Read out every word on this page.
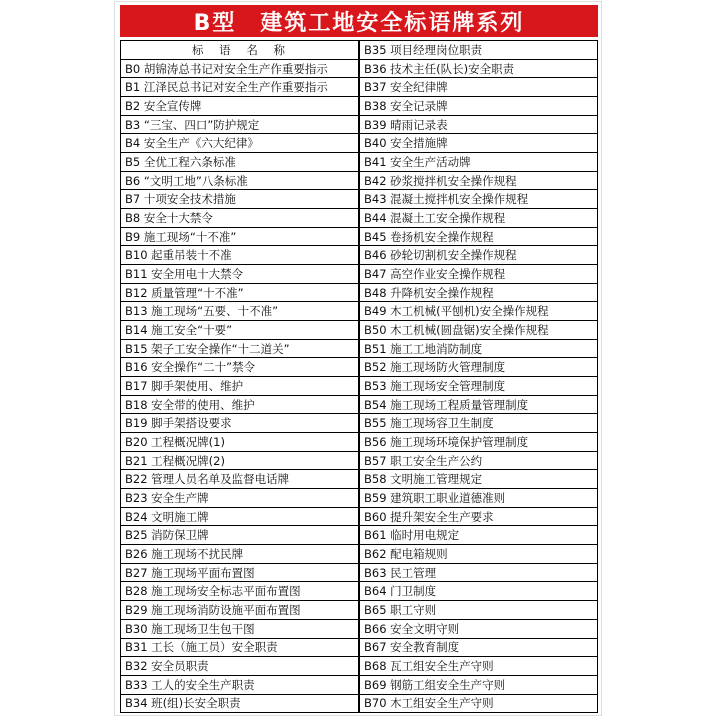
B型　建筑工地安全标语牌系列
标 语 名 称
B0 胡锦涛总书记对安全生产作重要指示
B1 江泽民总书记对安全生产作重要指示
B2 安全宣传牌
B3 “三宝、四口”防护规定
B4 安全生产《六大纪律》
B5 全优工程六条标准
B6 “文明工地”八条标准
B7 十项安全技术措施
B8 安全十大禁令
B9 施工现场“十不准”
B10 起重吊装十不准
B11 安全用电十大禁令
B12 质量管理“十不准”
B13 施工现场“五要、十不准”
B14 施工安全“十要”
B15 架子工安全操作“十二道关”
B16 安全操作“二十”禁令
B17 脚手架使用、维护
B18 安全带的使用、维护
B19 脚手架搭设要求
B20 工程概况牌(1)
B21 工程概况牌(2)
B22 管理人员名单及监督电话牌
B23 安全生产牌
B24 文明施工牌
B25 消防保卫牌
B26 施工现场不扰民牌
B27 施工现场平面布置图
B28 施工现场安全标志平面布置图
B29 施工现场消防设施平面布置图
B30 施工现场卫生包干图
B31 工长（施工员）安全职责
B32 安全员职责
B33 工人的安全生产职责
B34 班(组)长安全职责
B35 项目经理岗位职责
B36 技术主任(队长)安全职责
B37 安全纪律牌
B38 安全记录牌
B39 晴雨记录表
B40 安全措施牌
B41 安全生产活动牌
B42 砂浆搅拌机安全操作规程
B43 混凝土搅拌机安全操作规程
B44 混凝土工安全操作规程
B45 卷扬机安全操作规程
B46 砂轮切割机安全操作规程
B47 高空作业安全操作规程
B48 升降机安全操作规程
B49 木工机械(平刨机)安全操作规程
B50 木工机械(圆盘锯)安全操作规程
B51 施工工地消防制度
B52 施工现场防火管理制度
B53 施工现场安全管理制度
B54 施工现场工程质量管理制度
B55 施工现场容卫生制度
B56 施工现场环境保护管理制度
B57 职工安全生产公约
B58 文明施工管理规定
B59 建筑职工职业道德准则
B60 提升架安全生产要求
B61 临时用电规定
B62 配电箱规则
B63 民工管理
B64 门卫制度
B65 职工守则
B66 安全文明守则
B67 安全教育制度
B68 瓦工组安全生产守则
B69 钢筋工组安全生产守则
B70 木工组安全生产守则
